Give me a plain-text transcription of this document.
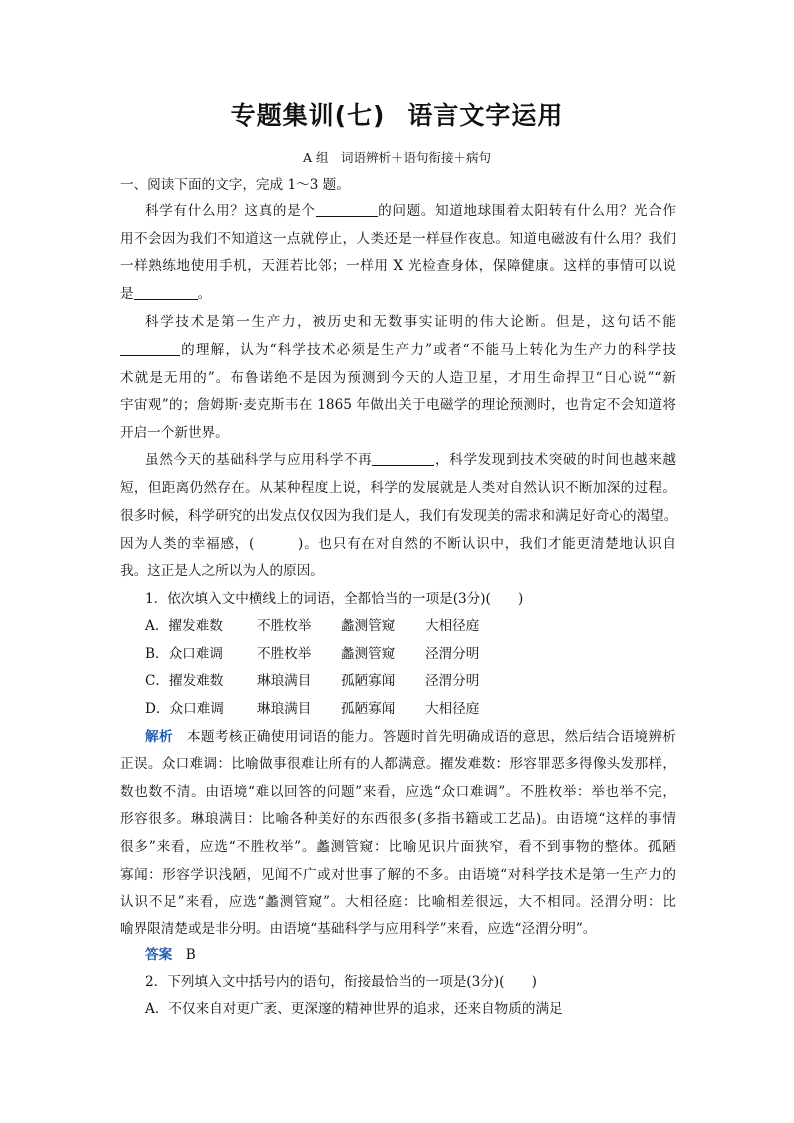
专题集训(七) 语言文字运用
A 组　词语辨析＋语句衔接＋病句
一、阅读下面的文字，完成 1～3 题。
科学有什么用？这真的是个	的问题。知道地球围着太阳转有什么用？光合作
用不会因为我们不知道这一点就停止，人类还是一样昼作夜息。知道电磁波有什么用？我们
一样熟练地使用手机，天涯若比邻；一样用 X 光检查身体，保障健康。这样的事情可以说
是	。
科学技术是第一生产力，被历史和无数事实证明的伟大论断。但是，这句话不能
的理解，认为“科学技术必须是生产力”或者“不能马上转化为生产力的科学技
术就是无用的”。布鲁诺绝不是因为预测到今天的人造卫星，才用生命捍卫“日心说”“新
宇宙观”的；詹姆斯·麦克斯韦在 1865 年做出关于电磁学的理论预测时，也肯定不会知道将
开启一个新世界。
虽然今天的基础科学与应用科学不再	，科学发现到技术突破的时间也越来越
短，但距离仍然存在。从某种程度上说，科学的发展就是人类对自然认识不断加深的过程。
很多时候，科学研究的出发点仅仅因为我们是人，我们有发现美的需求和满足好奇心的渴望。
因为人类的幸福感，(　　　)。也只有在对自然的不断认识中，我们才能更清楚地认识自
我。这正是人之所以为人的原因。
1．依次填入文中横线上的词语，全都恰当的一项是(3分)(　　)
A．擢发难数	不胜枚举 蠡测管窥 大相径庭
B．众口难调	不胜枚举 蠡测管窥 泾渭分明
C．擢发难数 琳琅满目 孤陋寡闻 泾渭分明
D．众口难调 琳琅满目 孤陋寡闻 大相径庭
解析　 本题考核正确使用词语的能力。答题时首先明确成语的意思，然后结合语境辨析
正误。众口难调：比喻做事很难让所有的人都满意。擢发难数：形容罪恶多得像头发那样，
数也数不清。由语境“难以回答的问题”来看，应选“众口难调”。不胜枚举：举也举不完，
形容很多。琳琅满目：比喻各种美好的东西很多(多指书籍或工艺品)。由语境“这样的事情
很多”来看，应选“不胜枚举”。蠡测管窥：比喻见识片面狭窄，看不到事物的整体。孤陋
寡闻：形容学识浅陋，见闻不广或对世事了解的不多。由语境“对科学技术是第一生产力的
认识不足”来看，应选“蠡测管窥”。大相径庭：比喻相差很远，大不相同。泾渭分明：比
喻界限清楚或是非分明。由语境“基础科学与应用科学”来看，应选“泾渭分明”。
答案　 B
2．下列填入文中括号内的语句，衔接最恰当的一项是(3分)(　　)
A．不仅来自对更广袤、更深邃的精神世界的追求，还来自物质的满足
